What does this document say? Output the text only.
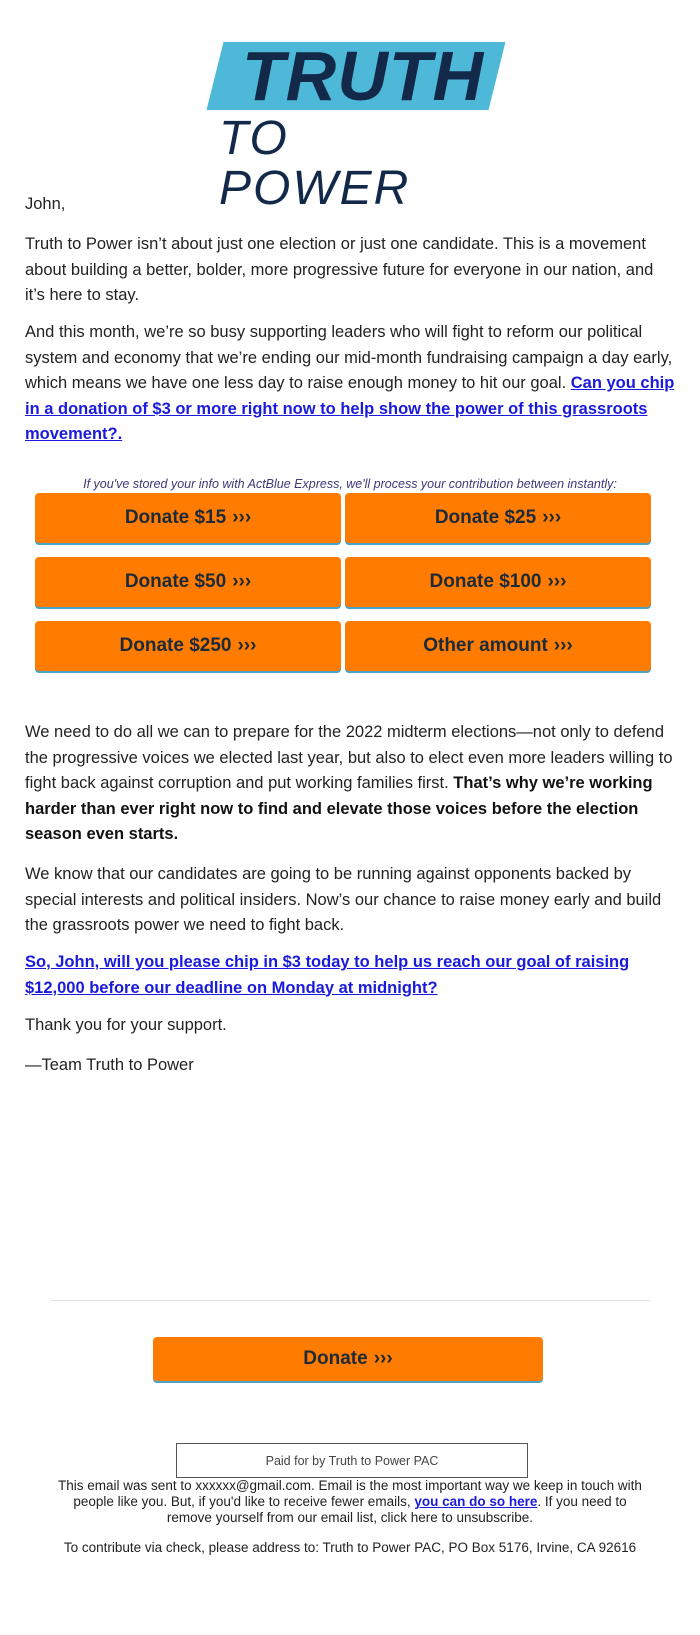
TRUTH
TO POWER

John,

Truth to Power isn’t about just one election or just one candidate. This is a movement about building a better, bolder, more progressive future for everyone in our nation, and it’s here to stay.

And this month, we’re so busy supporting leaders who will fight to reform our political system and economy that we’re ending our mid-month fundraising campaign a day early, which means we have one less day to raise enough money to hit our goal. Can you chip in a donation of $3 or more right now to help show the power of this grassroots movement?.

If you've stored your info with ActBlue Express, we'll process your contribution between instantly:
Donate $15 ›››	Donate $25 ›››
Donate $50 ›››	Donate $100 ›››
Donate $250 ›››	Other amount ›››

We need to do all we can to prepare for the 2022 midterm elections—not only to defend the progressive voices we elected last year, but also to elect even more leaders willing to fight back against corruption and put working families first. That’s why we’re working harder than ever right now to find and elevate those voices before the election season even starts.

We know that our candidates are going to be running against opponents backed by special interests and political insiders. Now’s our chance to raise money early and build the grassroots power we need to fight back.

So, John, will you please chip in $3 today to help us reach our goal of raising $12,000 before our deadline on Monday at midnight?

Thank you for your support.

—Team Truth to Power

Donate ›››
Paid for by Truth to Power PAC
This email was sent to xxxxxx@gmail.com. Email is the most important way we keep in touch with people like you. But, if you'd like to receive fewer emails, you can do so here. If you need to remove yourself from our email list, click here to unsubscribe.
To contribute via check, please address to: Truth to Power PAC, PO Box 5176, Irvine, CA 92616
